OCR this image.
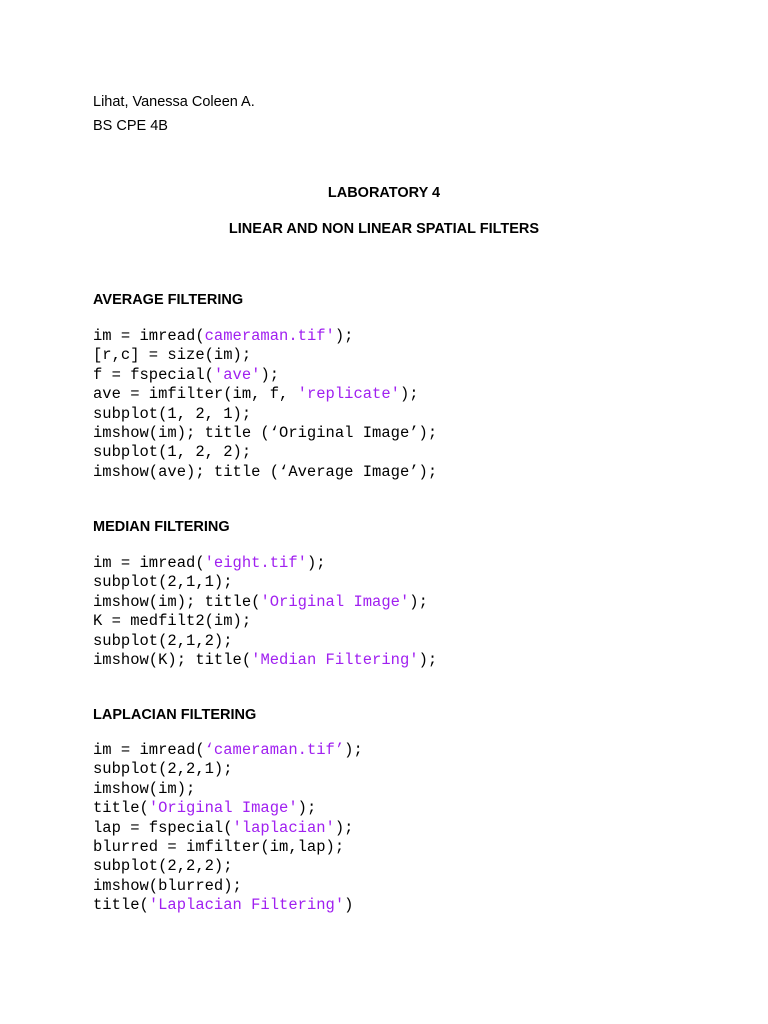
Lihat, Vanessa Coleen A.
BS CPE 4B
LABORATORY 4
LINEAR AND NON LINEAR SPATIAL FILTERS
AVERAGE FILTERING
im = imread(cameraman.tif');
[r,c] = size(im);
f = fspecial('ave');
ave = imfilter(im, f, 'replicate');
subplot(1, 2, 1);
imshow(im); title (‘Original Image’);
subplot(1, 2, 2);
imshow(ave); title (‘Average Image’);
MEDIAN FILTERING
im = imread('eight.tif');
subplot(2,1,1);
imshow(im); title('Original Image');
K = medfilt2(im);
subplot(2,1,2);
imshow(K); title('Median Filtering');
LAPLACIAN FILTERING
im = imread(‘cameraman.tif’);
subplot(2,2,1);
imshow(im);
title('Original Image');
lap = fspecial('laplacian');
blurred = imfilter(im,lap);
subplot(2,2,2);
imshow(blurred);
title('Laplacian Filtering')
